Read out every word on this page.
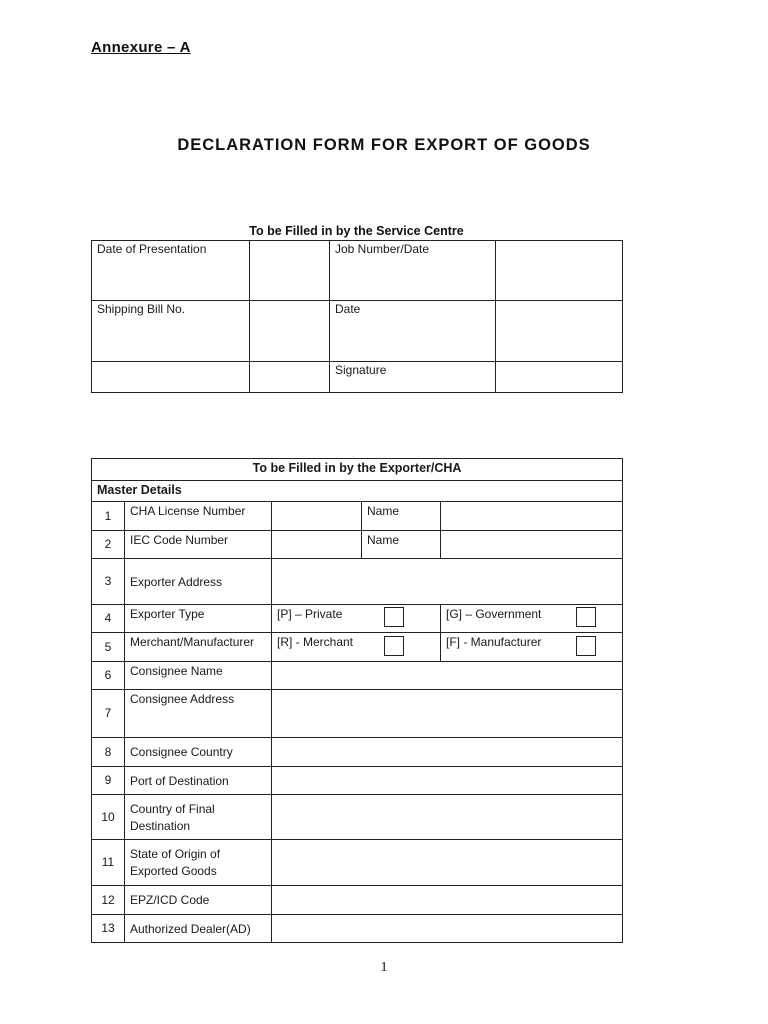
Annexure – A
DECLARATION FORM FOR EXPORT OF GOODS
To be Filled in by the Service Centre
Date of Presentation		Job Number/Date	
Shipping Bill No.		Date	
		Signature	
To be Filled in by the Exporter/CHA				
Master Details				
1	CHA License Number		Name	
2	IEC Code Number		Name	
3	Exporter Address			
4	Exporter Type	[P] – Private		[G] – Government

5	Merchant/Manufacturer	[R] - Merchant		[F] - Manufacturer

6	Consignee Name			
7	Consignee Address			
8	Consignee Country			
9	Port of Destination			
10	Country of Final Destination			
11	State of Origin of Exported Goods			
12	EPZ/ICD Code			
13	Authorized Dealer(AD)			
1
